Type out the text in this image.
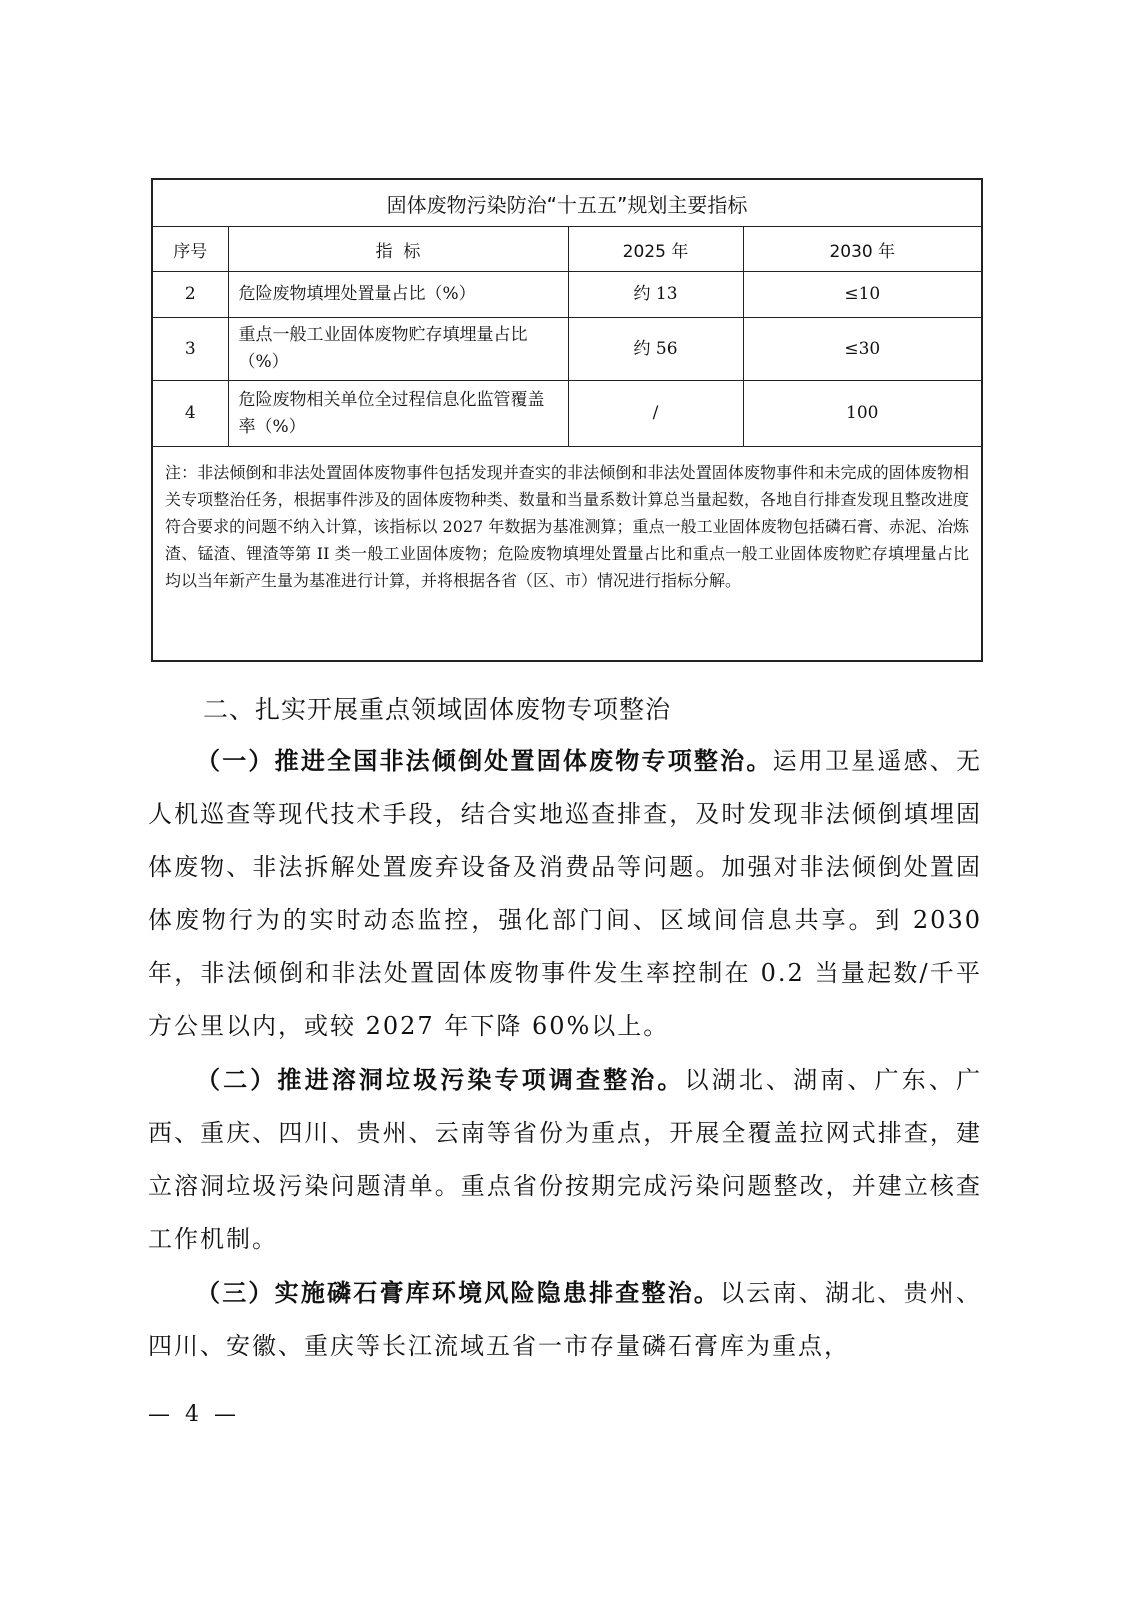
固体废物污染防治“十五五”规划主要指标			
序号	指  标	2025 年	2030 年
2	危险废物填埋处置量占比（%）	约 13	≤10
3	重点一般工业固体废物贮存填埋量占比（%）	约 56	≤30
4	危险废物相关单位全过程信息化监管覆盖率（%）	/	100
注：非法倾倒和非法处置固体废物事件包括发现并查实的非法倾倒和非法处置固体废物事件和未完成的固体废物相关专项整治任务，根据事件涉及的固体废物种类、数量和当量系数计算总当量起数，各地自行排查发现且整改进度符合要求的问题不纳入计算，该指标以 2027 年数据为基准测算；重点一般工业固体废物包括磷石膏、赤泥、冶炼渣、锰渣、锂渣等第 II 类一般工业固体废物；危险废物填埋处置量占比和重点一般工业固体废物贮存填埋量占比均以当年新产生量为基准进行计算，并将根据各省（区、市）情况进行指标分解。			
二、扎实开展重点领域固体废物专项整治

（一）推进全国非法倾倒处置固体废物专项整治。运用卫星遥感、无人机巡查等现代技术手段，结合实地巡查排查，及时发现非法倾倒填埋固体废物、非法拆解处置废弃设备及消费品等问题。加强对非法倾倒处置固体废物行为的实时动态监控，强化部门间、区域间信息共享。到 2030 年，非法倾倒和非法处置固体废物事件发生率控制在 0.2 当量起数/千平方公里以内，或较 2027 年下降 60%以上。

（二）推进溶洞垃圾污染专项调查整治。以湖北、湖南、广东、广西、重庆、四川、贵州、云南等省份为重点，开展全覆盖拉网式排查，建立溶洞垃圾污染问题清单。重点省份按期完成污染问题整改，并建立核查工作机制。

（三）实施磷石膏库环境风险隐患排查整治。以云南、湖北、贵州、四川、安徽、重庆等长江流域五省一市存量磷石膏库为重点，

— 4 —
